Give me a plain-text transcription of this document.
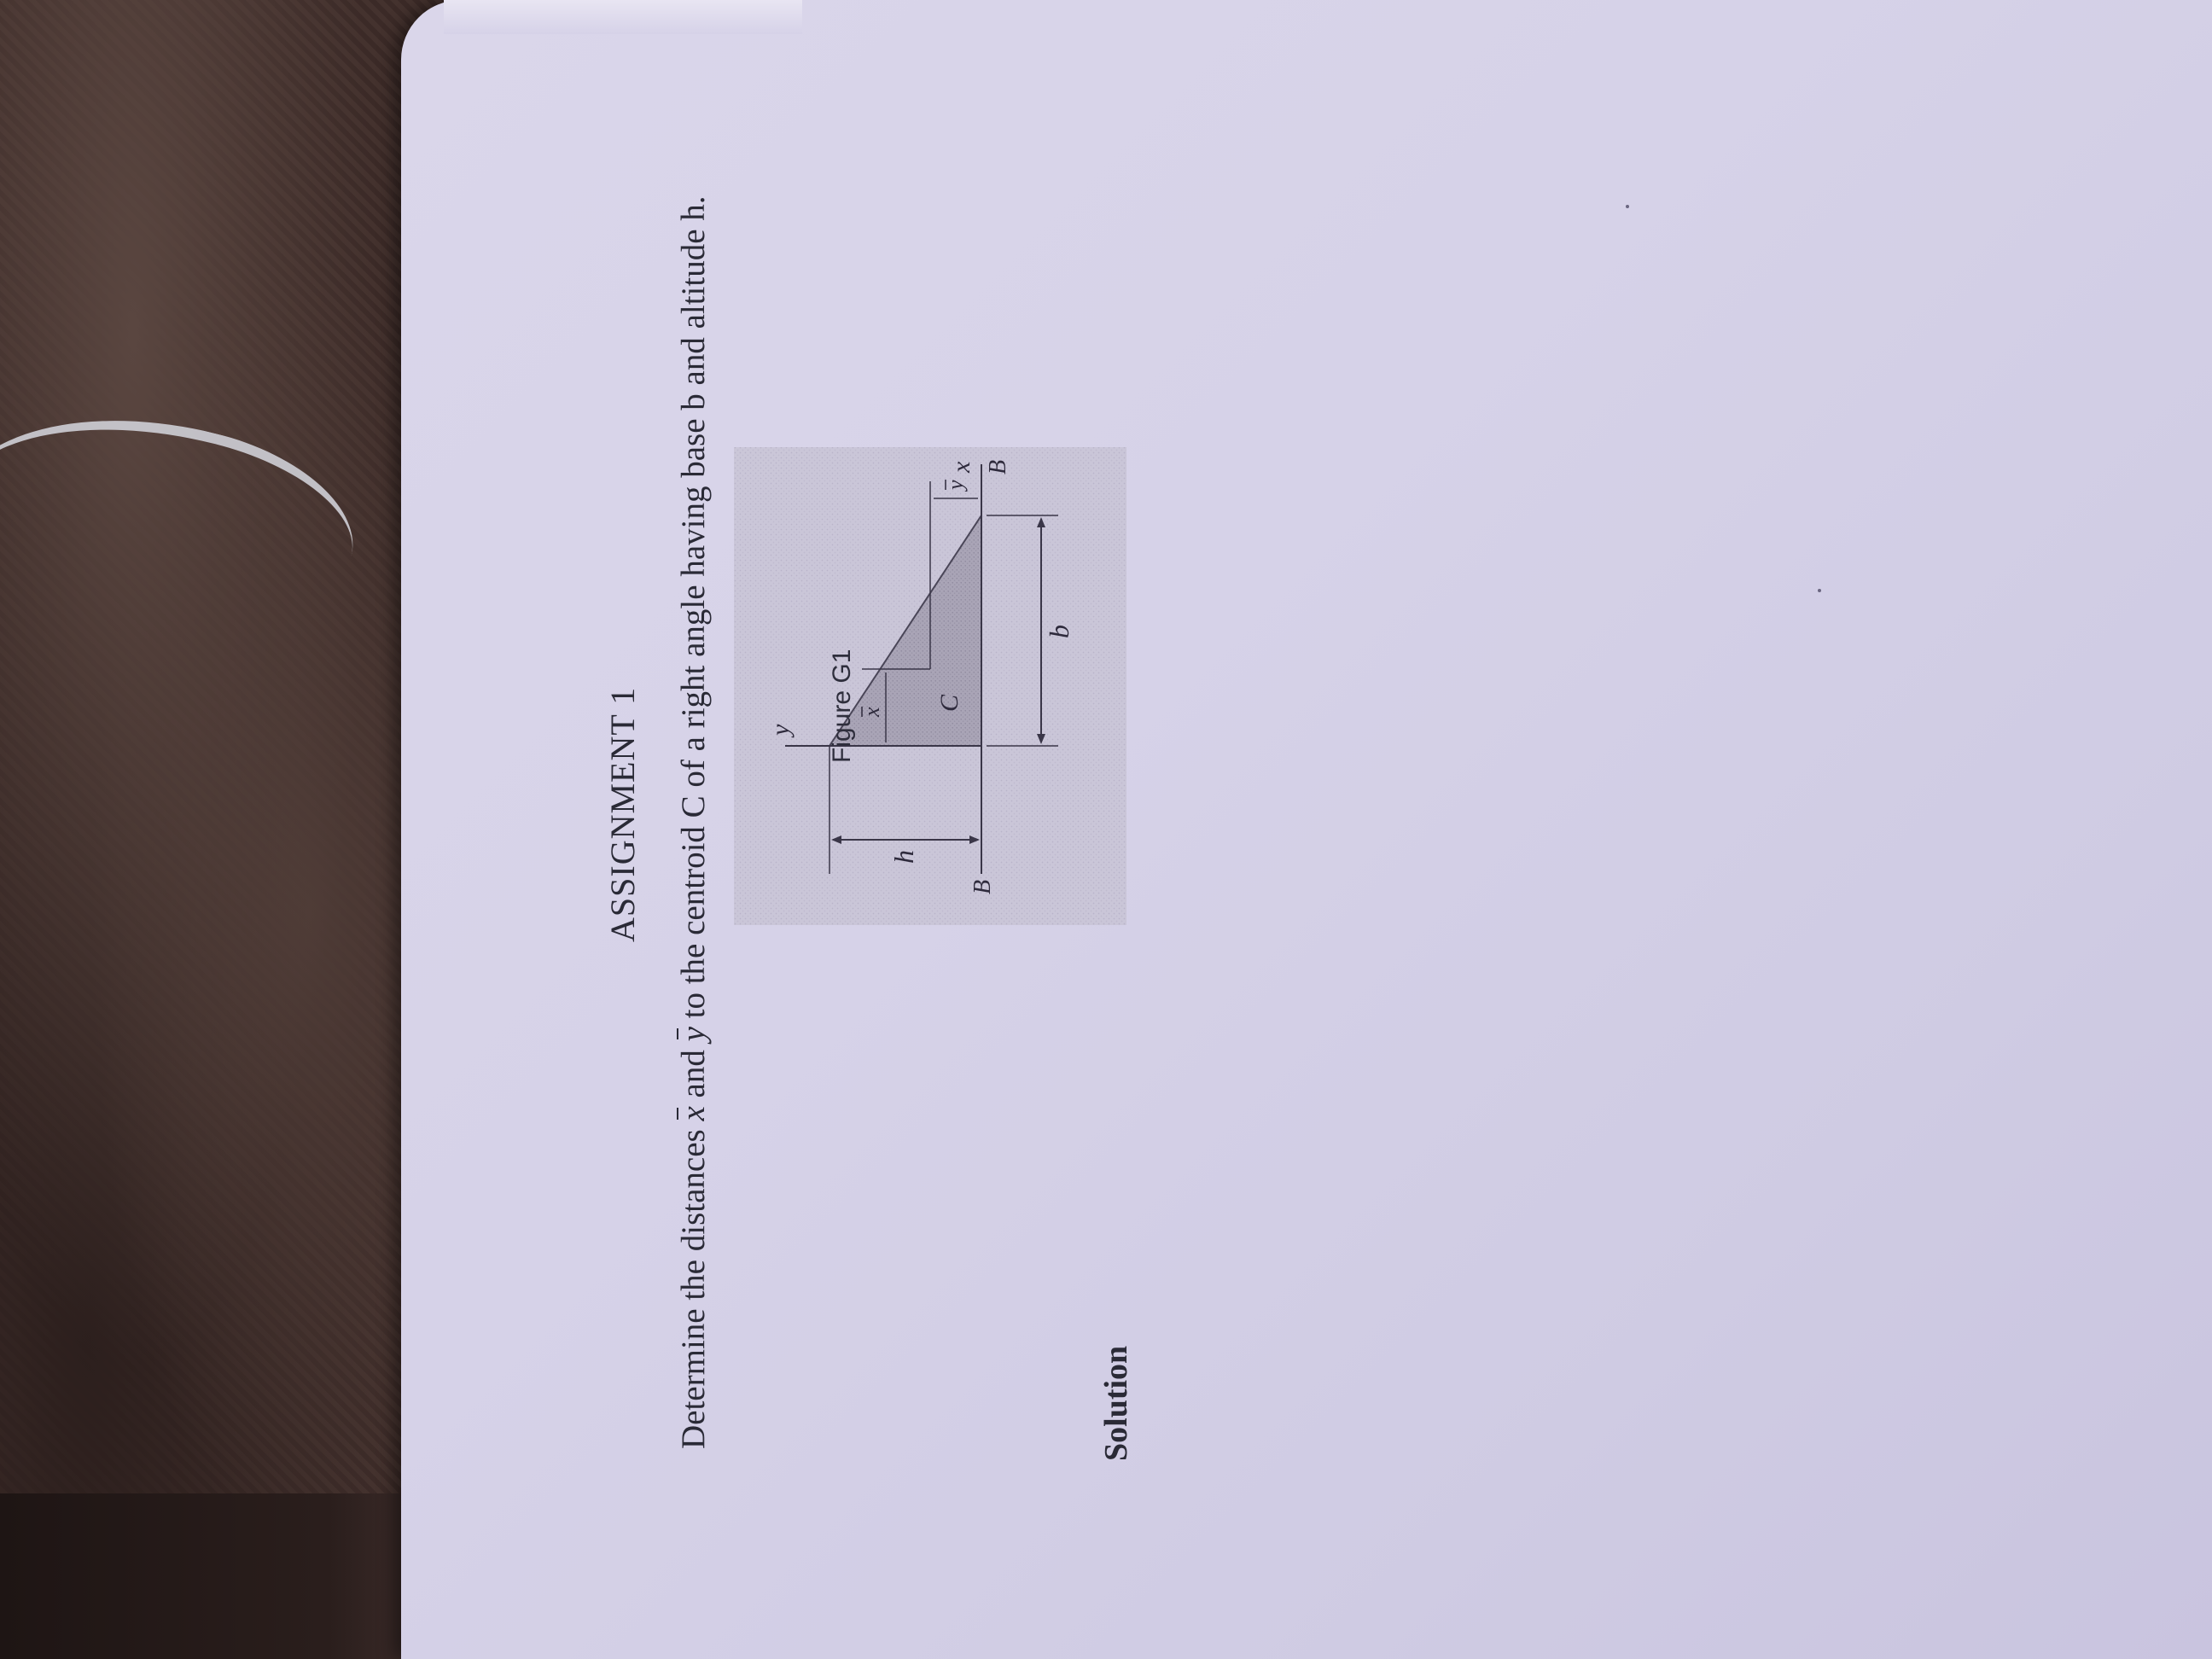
ASSIGNMENT 1
Determine the distances x and y to the centroid C of a right angle having base b and altitude h. y
x
h
b
C
B
B
x
y
Figure G1
Solution
